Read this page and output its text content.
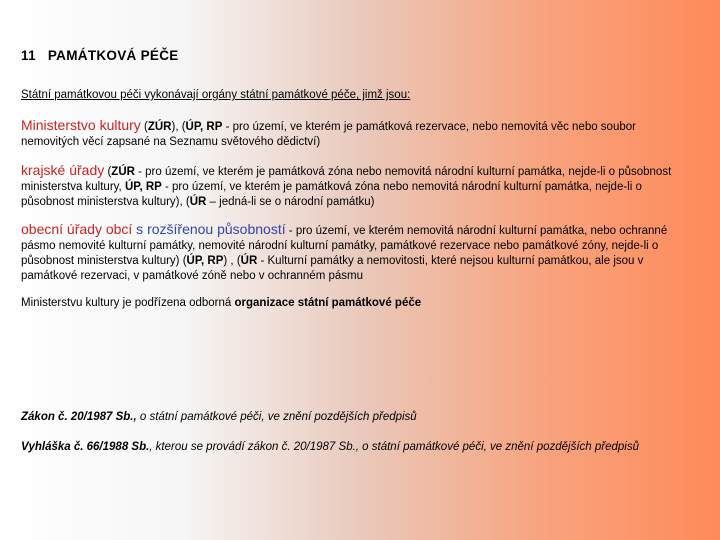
11 PAMÁTKOVÁ PÉČE
Státní památkovou péči vykonávají orgány státní památkové péče, jimž jsou:
Ministerstvo kultury (ZÚR), (ÚP, RP - pro území, ve kterém je památková rezervace, nebo nemovitá věc nebo soubor nemovitých věcí zapsané na Seznamu světového dědictví)
krajské úřady (ZÚR - pro území, ve kterém je památková zóna nebo nemovitá národní kulturní památka, nejde-li o působnost ministerstva kultury, ÚP, RP - pro území, ve kterém je památková zóna nebo nemovitá národní kulturní památka, nejde-li o působnost ministerstva kultury), (ÚR – jedná-li se o národní památku)
obecní úřady obcí s rozšířenou působností - pro území, ve kterém nemovitá národní kulturní památka, nebo ochranné pásmo nemovité kulturní památky, nemovité národní kulturní památky, památkové rezervace nebo památkové zóny, nejde-li o působnost ministerstva kultury) (ÚP, RP) , (ÚR - Kulturní památky a nemovitosti, které nejsou kulturní památkou, ale jsou v památkové rezervaci, v památkové zóně nebo v ochranném pásmu
Ministerstvu kultury je podřízena odborná organizace státní památkové péče
Zákon č. 20/1987 Sb., o státní památkové péči, ve znění pozdějších předpisů
Vyhláška č. 66/1988 Sb., kterou se provádí zákon č. 20/1987 Sb., o státní památkové péči, ve znění pozdějších předpisů
